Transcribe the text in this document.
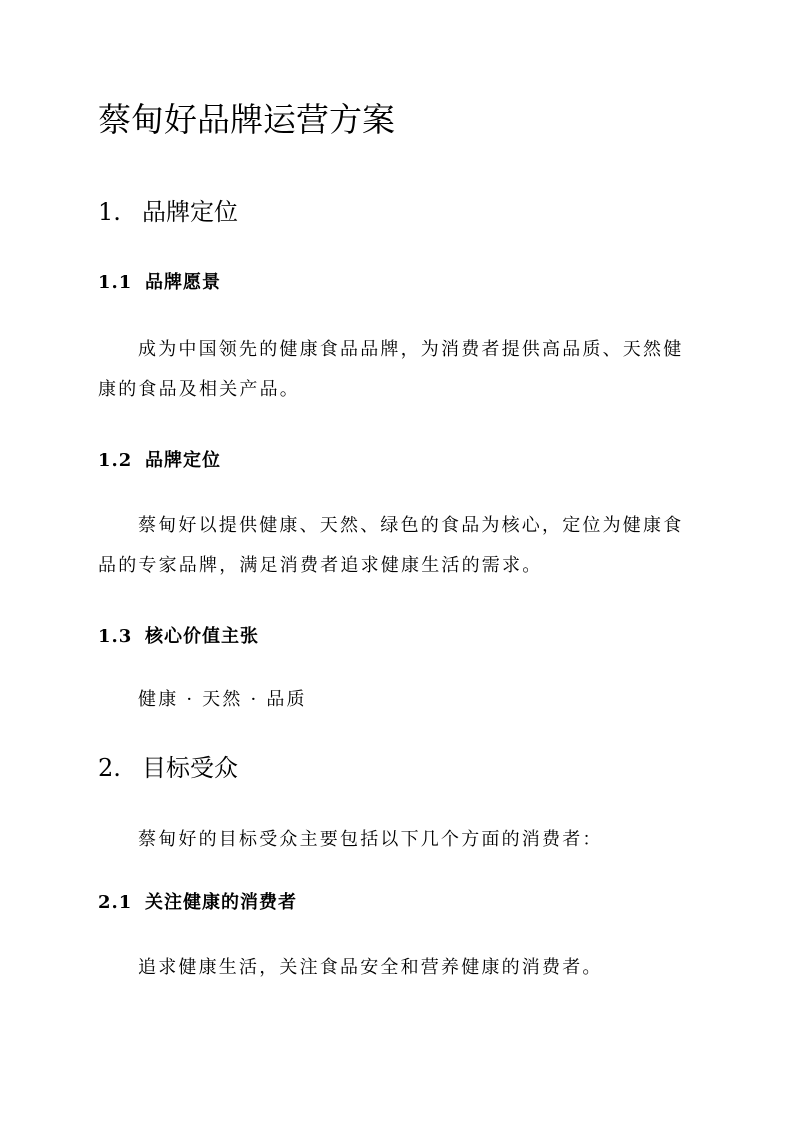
蔡甸好品牌运营方案
1. 品牌定位
1.1 品牌愿景

成为中国领先的健康食品品牌，为消费者提供高品质、天然健康的食品及相关产品。

1.2 品牌定位

蔡甸好以提供健康、天然、绿色的食品为核心，定位为健康食品的专家品牌，满足消费者追求健康生活的需求。

1.3 核心价值主张

健康 · 天然 · 品质

2. 目标受众

蔡甸好的目标受众主要包括以下几个方面的消费者：

2.1 关注健康的消费者

追求健康生活，关注食品安全和营养健康的消费者。
